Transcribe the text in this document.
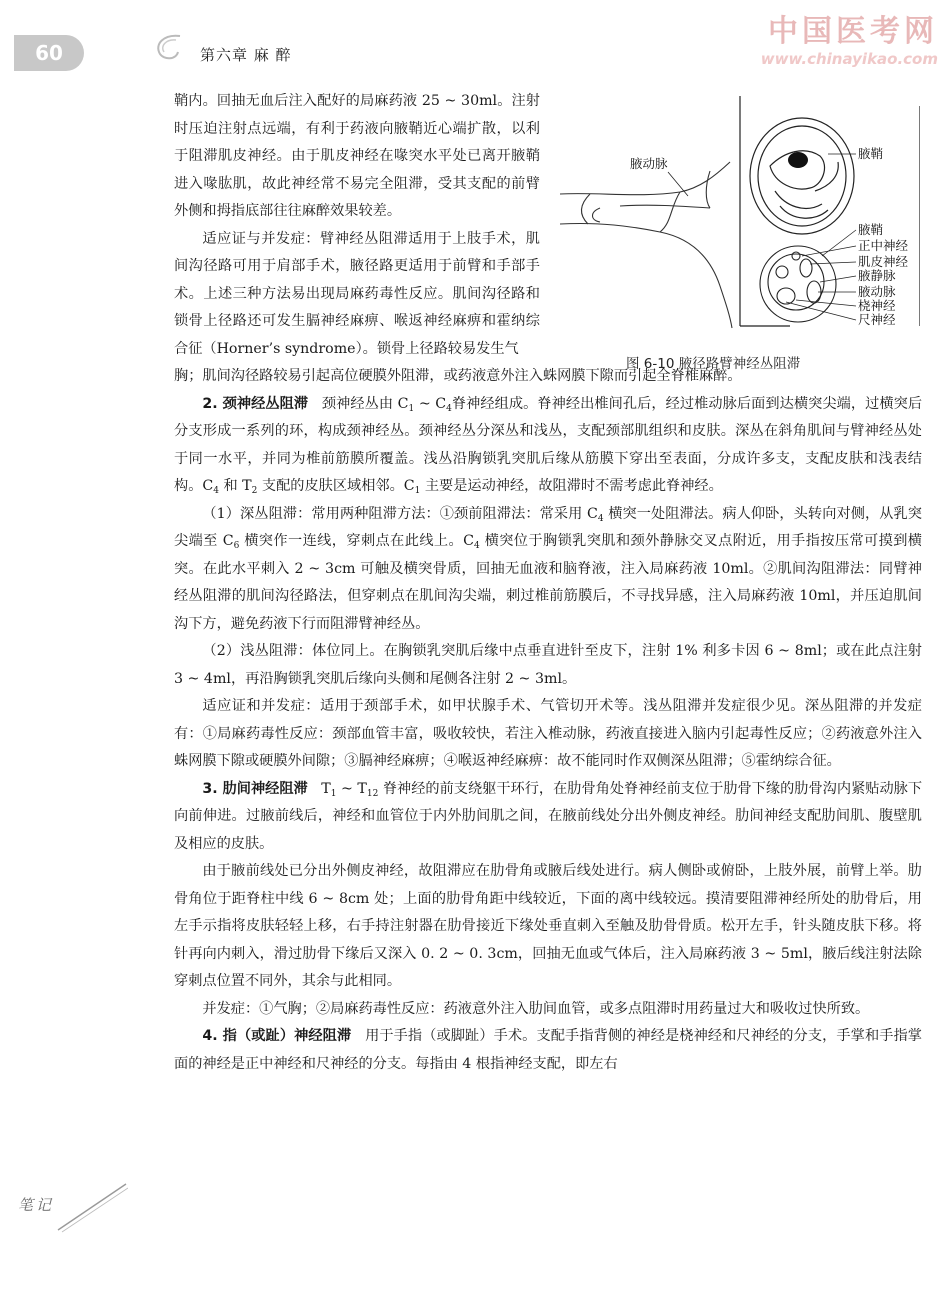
60	第六章 麻 醉
中国医考网
www.chinayikao.com
腋动脉
腋鞘
腋鞘
正中神经
肌皮神经
腋静脉
腋动脉
桡神经
尺神经
图 6-10 腋径路臂神经丛阻滞

鞘内。回抽无血后注入配好的局麻药液 25 ~ 30ml。注射时压迫注射点远端，有利于药液向腋鞘近心端扩散，以利于阻滞肌皮神经。由于肌皮神经在喙突水平处已离开腋鞘进入喙肱肌，故此神经常不易完全阻滞，受其支配的前臂外侧和拇指底部往往麻醉效果较差。

适应证与并发症：臂神经丛阻滞适用于上肢手术，肌间沟径路可用于肩部手术，腋径路更适用于前臂和手部手术。上述三种方法易出现局麻药毒性反应。肌间沟径路和锁骨上径路还可发生膈神经麻痹、喉返神经麻痹和霍纳综合征（Horner’s syndrome）。锁骨上径路较易发生气

胸；肌间沟径路较易引起高位硬膜外阻滞，或药液意外注入蛛网膜下隙而引起全脊椎麻醉。

2. 颈神经丛阻滞 颈神经丛由 $C_1$ ~ $C_4$脊神经组成。脊神经出椎间孔后，经过椎动脉后面到达横突尖端，过横突后分支形成一系列的环，构成颈神经丛。颈神经丛分深丛和浅丛，支配颈部肌组织和皮肤。深丛在斜角肌间与臂神经丛处于同一水平，并同为椎前筋膜所覆盖。浅丛沿胸锁乳突肌后缘从筋膜下穿出至表面，分成许多支，支配皮肤和浅表结构。$C_4$ 和 $T_2$ 支配的皮肤区域相邻。$C_1$ 主要是运动神经，故阻滞时不需考虑此脊神经。

（1）深丛阻滞：常用两种阻滞方法：①颈前阻滞法：常采用 $C_4$ 横突一处阻滞法。病人仰卧，头转向对侧，从乳突尖端至 $C_6$ 横突作一连线，穿刺点在此线上。$C_4$ 横突位于胸锁乳突肌和颈外静脉交叉点附近，用手指按压常可摸到横突。在此水平刺入 2 ~ 3cm 可触及横突骨质，回抽无血液和脑脊液，注入局麻药液 10ml。②肌间沟阻滞法：同臂神经丛阻滞的肌间沟径路法，但穿刺点在肌间沟尖端，刺过椎前筋膜后，不寻找异感，注入局麻药液 10ml，并压迫肌间沟下方，避免药液下行而阻滞臂神经丛。

（2）浅丛阻滞：体位同上。在胸锁乳突肌后缘中点垂直进针至皮下，注射 1% 利多卡因 6 ~ 8ml；或在此点注射 3 ~ 4ml，再沿胸锁乳突肌后缘向头侧和尾侧各注射 2 ~ 3ml。

适应证和并发症：适用于颈部手术，如甲状腺手术、气管切开术等。浅丛阻滞并发症很少见。深丛阻滞的并发症有：①局麻药毒性反应：颈部血管丰富，吸收较快，若注入椎动脉，药液直接进入脑内引起毒性反应；②药液意外注入蛛网膜下隙或硬膜外间隙；③膈神经麻痹；④喉返神经麻痹：故不能同时作双侧深丛阻滞；⑤霍纳综合征。

3. 肋间神经阻滞 $T_1$ ~ $T_{12}$ 脊神经的前支绕躯干环行，在肋骨角处脊神经前支位于肋骨下缘的肋骨沟内紧贴动脉下向前伸进。过腋前线后，神经和血管位于内外肋间肌之间，在腋前线处分出外侧皮神经。肋间神经支配肋间肌、腹壁肌及相应的皮肤。

由于腋前线处已分出外侧皮神经，故阻滞应在肋骨角或腋后线处进行。病人侧卧或俯卧，上肢外展，前臂上举。肋骨角位于距脊柱中线 6 ~ 8cm 处；上面的肋骨角距中线较近，下面的离中线较远。摸清要阻滞神经所处的肋骨后，用左手示指将皮肤轻轻上移，右手持注射器在肋骨接近下缘处垂直刺入至触及肋骨骨质。松开左手，针头随皮肤下移。将针再向内刺入，滑过肋骨下缘后又深入 0. 2 ~ 0. 3cm，回抽无血或气体后，注入局麻药液 3 ~ 5ml，腋后线注射法除穿刺点位置不同外，其余与此相同。

并发症：①气胸；②局麻药毒性反应：药液意外注入肋间血管，或多点阻滞时用药量过大和吸收过快所致。

4. 指（或趾）神经阻滞 用于手指（或脚趾）手术。支配手指背侧的神经是桡神经和尺神经的分支，手掌和手指掌面的神经是正中神经和尺神经的分支。每指由 4 根指神经支配，即左右

笔记
